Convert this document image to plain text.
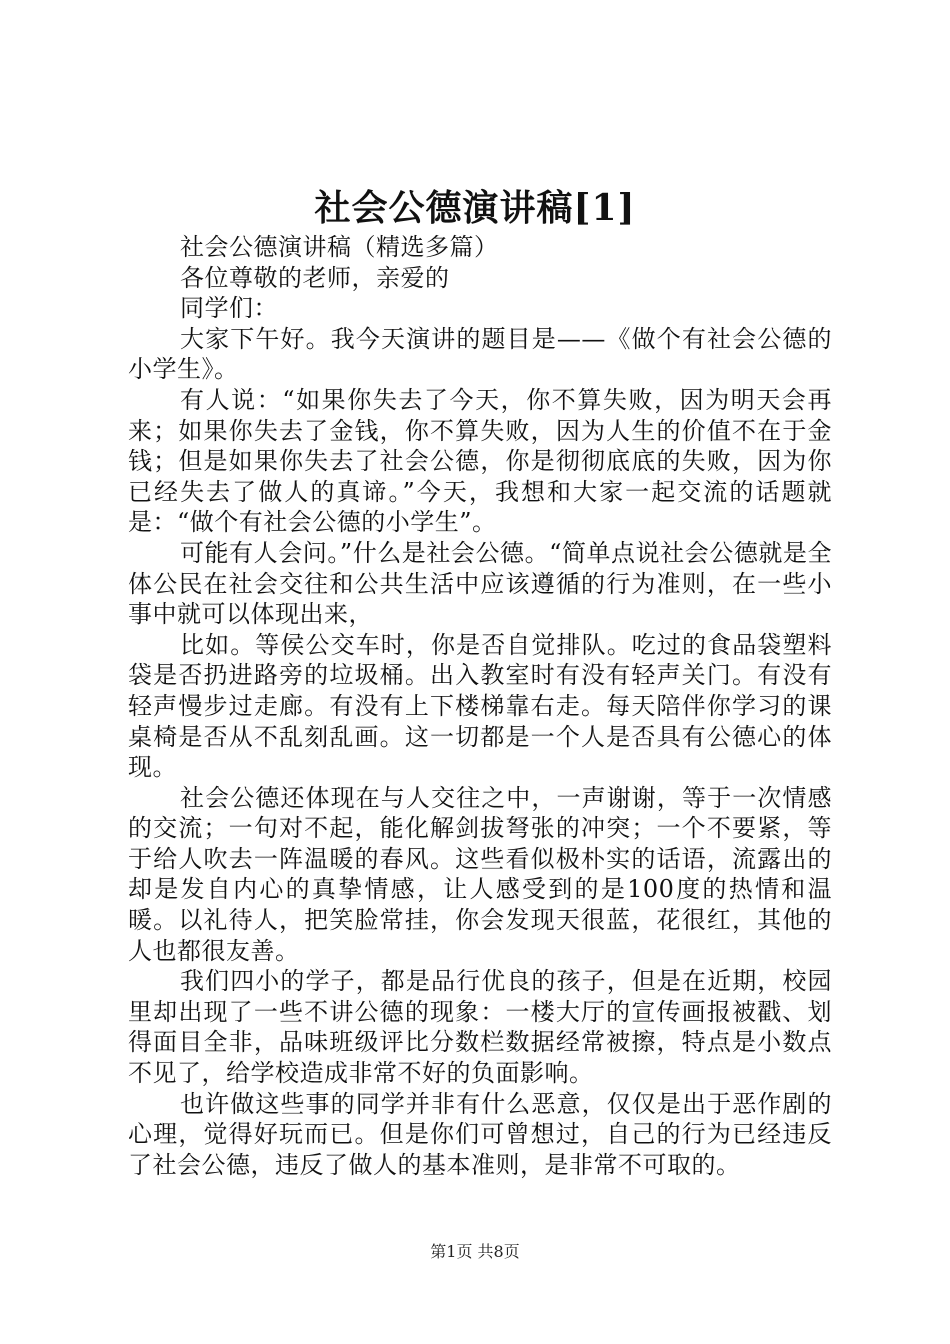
社会公德演讲稿[1]

社会公德演讲稿（精选多篇）

各位尊敬的老师，亲爱的

同学们：

大家下午好。我今天演讲的题目是——《做个有社会公德的小学生》。

有人说：“如果你失去了今天，你不算失败，因为明天会再来；如果你失去了金钱，你不算失败，因为人生的价值不在于金钱；但是如果你失去了社会公德，你是彻彻底底的失败，因为你已经失去了做人的真谛。”今天，我想和大家一起交流的话题就是：“做个有社会公德的小学生”。

可能有人会问。”什么是社会公德。“简单点说社会公德就是全体公民在社会交往和公共生活中应该遵循的行为准则，在一些小事中就可以体现出来，

比如。等侯公交车时，你是否自觉排队。吃过的食品袋塑料袋是否扔进路旁的垃圾桶。出入教室时有没有轻声关门。有没有轻声慢步过走廊。有没有上下楼梯靠右走。每天陪伴你学习的课桌椅是否从不乱刻乱画。这一切都是一个人是否具有公德心的体现。

社会公德还体现在与人交往之中，一声谢谢，等于一次情感的交流；一句对不起，能化解剑拔弩张的冲突；一个不要紧，等于给人吹去一阵温暖的春风。这些看似极朴实的话语，流露出的却是发自内心的真挚情感，让人感受到的是100度的热情和温暖。以礼待人，把笑脸常挂，你会发现天很蓝，花很红，其他的人也都很友善。

我们四小的学子，都是品行优良的孩子，但是在近期，校园里却出现了一些不讲公德的现象：一楼大厅的宣传画报被戳、划得面目全非，品味班级评比分数栏数据经常被擦，特点是小数点不见了，给学校造成非常不好的负面影响。

也许做这些事的同学并非有什么恶意，仅仅是出于恶作剧的心理，觉得好玩而已。但是你们可曾想过，自己的行为已经违反了社会公德，违反了做人的基本准则，是非常不可取的。

第1页 共8页
